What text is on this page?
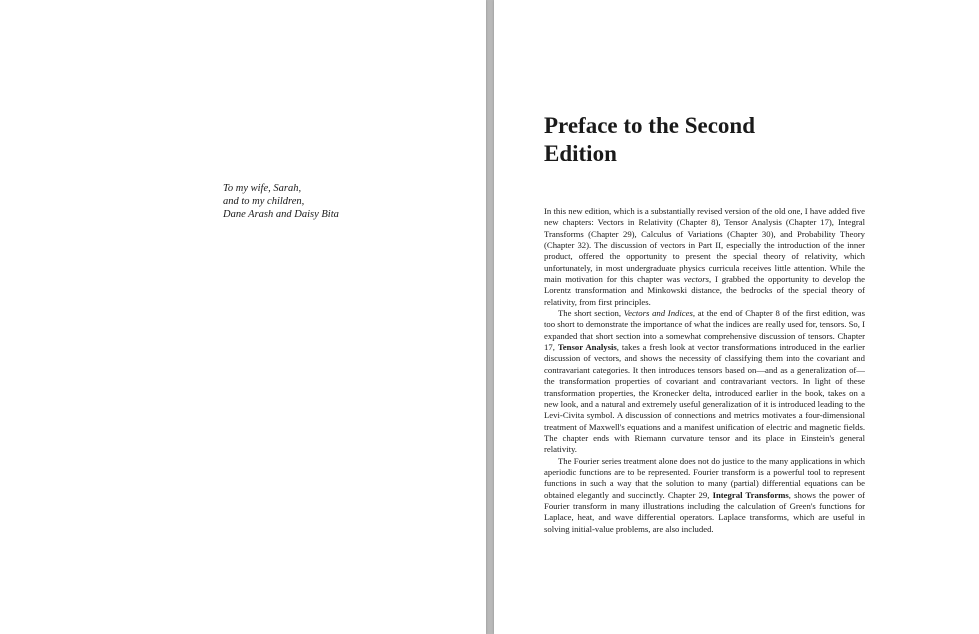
To my wife, Sarah,
and to my children,
Dane Arash and Daisy Bita
Preface to the Second
Edition

In this new edition, which is a substantially revised version of the old one, I have added five new chapters: Vectors in Relativity (Chapter 8), Tensor Analysis (Chapter 17), Integral Transforms (Chapter 29), Calculus of Variations (Chapter 30), and Probability Theory (Chapter 32). The discussion of vectors in Part II, especially the introduction of the inner product, offered the opportunity to present the special theory of relativity, which unfortunately, in most undergraduate physics curricula receives little attention. While the main motivation for this chapter was vectors, I grabbed the opportunity to develop the Lorentz transformation and Minkowski distance, the bedrocks of the special theory of relativity, from first principles.

The short section, Vectors and Indices, at the end of Chapter 8 of the first edition, was too short to demonstrate the importance of what the indices are really used for, tensors. So, I expanded that short section into a somewhat comprehensive discussion of tensors. Chapter 17, Tensor Analysis, takes a fresh look at vector transformations introduced in the earlier discussion of vectors, and shows the necessity of classifying them into the covariant and contravariant categories. It then introduces tensors based on—and as a generalization of—the transformation properties of covariant and contravariant vectors. In light of these transformation properties, the Kronecker delta, introduced earlier in the book, takes on a new look, and a natural and extremely useful generalization of it is introduced leading to the Levi-Civita symbol. A discussion of connections and metrics motivates a four-dimensional treatment of Maxwell's equations and a manifest unification of electric and magnetic fields. The chapter ends with Riemann curvature tensor and its place in Einstein's general relativity.

The Fourier series treatment alone does not do justice to the many applications in which aperiodic functions are to be represented. Fourier transform is a powerful tool to represent functions in such a way that the solution to many (partial) differential equations can be obtained elegantly and succinctly. Chapter 29, Integral Transforms, shows the power of Fourier transform in many illustrations including the calculation of Green's functions for Laplace, heat, and wave differential operators. Laplace transforms, which are useful in solving initial-value problems, are also included.
